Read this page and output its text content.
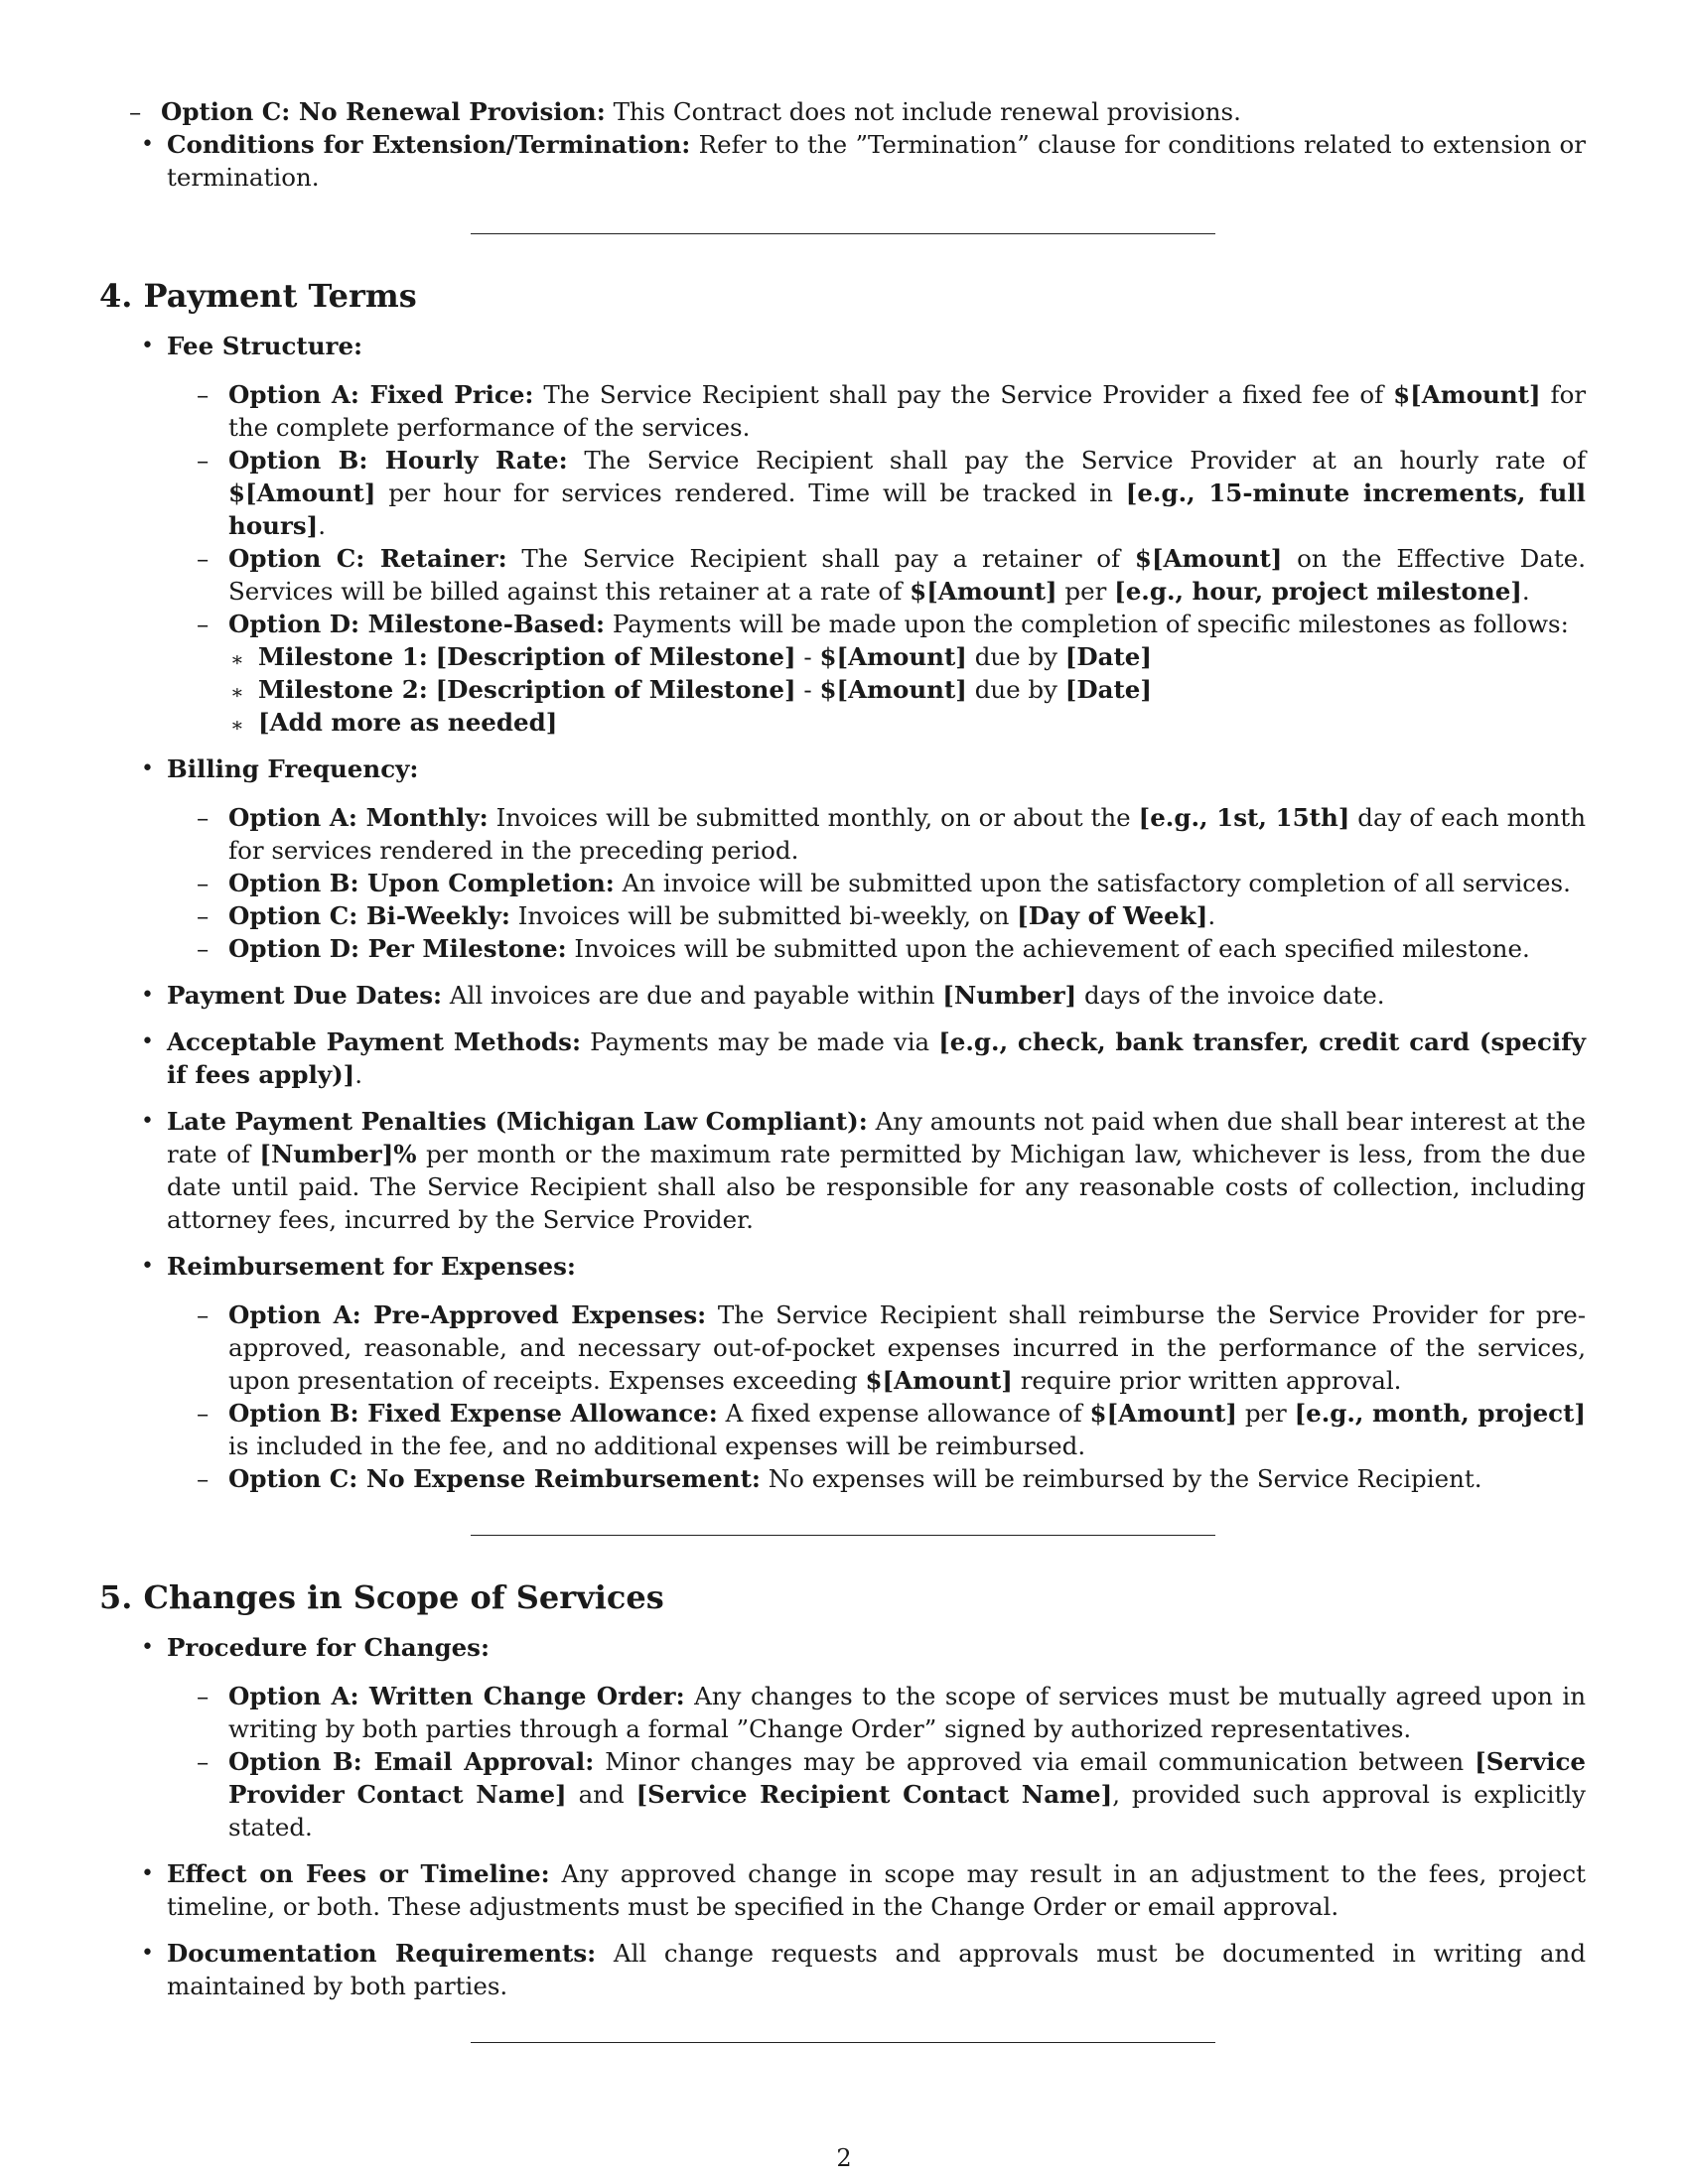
– Option C: No Renewal Provision: This Contract does not include renewal provisions.
• Conditions for Extension/Termination: Refer to the ”Termination” clause for conditions related to extension or termination.
4. Payment Terms
• Fee Structure:
– Option A: Fixed Price: The Service Recipient shall pay the Service Provider a fixed fee of $[Amount] for the complete performance of the services.
– Option B: Hourly Rate: The Service Recipient shall pay the Service Provider at an hourly rate of $[Amount] per hour for services rendered. Time will be tracked in [e.g., 15-minute increments, full hours].
– Option C: Retainer: The Service Recipient shall pay a retainer of $[Amount] on the Effective Date. Services will be billed against this retainer at a rate of $[Amount] per [e.g., hour, project milestone].
– Option D: Milestone-Based: Payments will be made upon the completion of specific milestones as follows:
∗ Milestone 1: [Description of Milestone] - $[Amount] due by [Date]
∗ Milestone 2: [Description of Milestone] - $[Amount] due by [Date]
∗ [Add more as needed]
• Billing Frequency:
– Option A: Monthly: Invoices will be submitted monthly, on or about the [e.g., 1st, 15th] day of each month for services rendered in the preceding period.
– Option B: Upon Completion: An invoice will be submitted upon the satisfactory completion of all services.
– Option C: Bi-Weekly: Invoices will be submitted bi-weekly, on [Day of Week].
– Option D: Per Milestone: Invoices will be submitted upon the achievement of each specified milestone.
• Payment Due Dates: All invoices are due and payable within [Number] days of the invoice date.
• Acceptable Payment Methods: Payments may be made via [e.g., check, bank transfer, credit card (specify if fees apply)].
• Late Payment Penalties (Michigan Law Compliant): Any amounts not paid when due shall bear interest at the rate of [Number]% per month or the maximum rate permitted by Michigan law, whichever is less, from the due date until paid. The Service Recipient shall also be responsible for any reasonable costs of collection, including attorney fees, incurred by the Service Provider.
• Reimbursement for Expenses:
– Option A: Pre-Approved Expenses: The Service Recipient shall reimburse the Service Provider for pre-approved, reasonable, and necessary out-of-pocket expenses incurred in the performance of the services, upon presentation of receipts. Expenses exceeding $[Amount] require prior written approval.
– Option B: Fixed Expense Allowance: A fixed expense allowance of $[Amount] per [e.g., month, project] is included in the fee, and no additional expenses will be reimbursed.
– Option C: No Expense Reimbursement: No expenses will be reimbursed by the Service Recipient.
5. Changes in Scope of Services
• Procedure for Changes:
– Option A: Written Change Order: Any changes to the scope of services must be mutually agreed upon in writing by both parties through a formal ”Change Order” signed by authorized representatives.
– Option B: Email Approval: Minor changes may be approved via email communication between [Service Provider Contact Name] and [Service Recipient Contact Name], provided such approval is explicitly stated.
• Effect on Fees or Timeline: Any approved change in scope may result in an adjustment to the fees, project timeline, or both. These adjustments must be specified in the Change Order or email approval.
• Documentation Requirements: All change requests and approvals must be documented in writing and maintained by both parties.
2
